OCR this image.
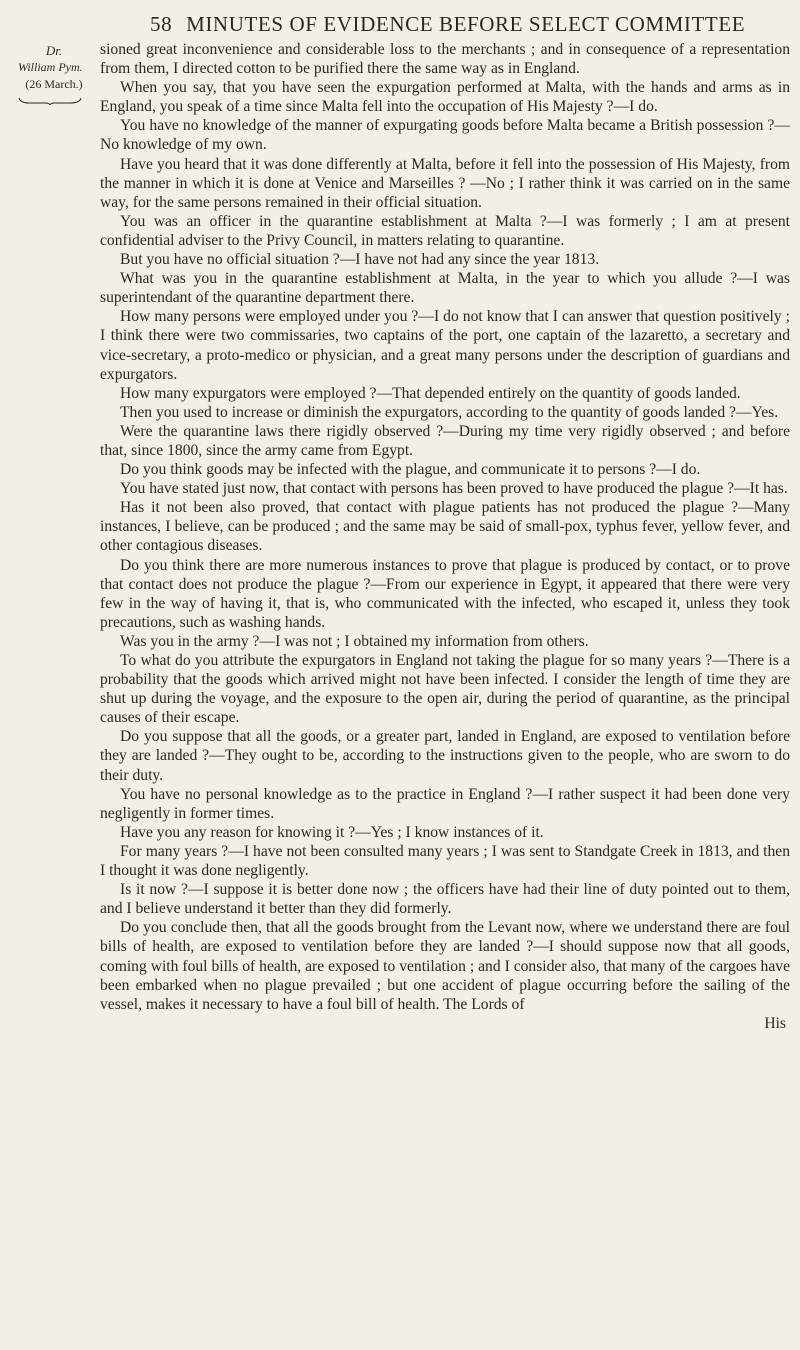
58 MINUTES OF EVIDENCE BEFORE SELECT COMMITTEE
Dr.
William Pym.
(26 March.)

sioned great inconvenience and considerable loss to the merchants ; and in consequence of a representation from them, I directed cotton to be purified there the same way as in England.

When you say, that you have seen the expurgation performed at Malta, with the hands and arms as in England, you speak of a time since Malta fell into the occupation of His Majesty ?—I do.

You have no knowledge of the manner of expurgating goods before Malta became a British possession ?—No knowledge of my own.

Have you heard that it was done differently at Malta, before it fell into the possession of His Majesty, from the manner in which it is done at Venice and Marseilles ? —No ; I rather think it was carried on in the same way, for the same persons remained in their official situation.

You was an officer in the quarantine establishment at Malta ?—I was formerly ; I am at present confidential adviser to the Privy Council, in matters relating to quarantine.

But you have no official situation ?—I have not had any since the year 1813.

What was you in the quarantine establishment at Malta, in the year to which you allude ?—I was superintendant of the quarantine department there.

How many persons were employed under you ?—I do not know that I can answer that question positively ; I think there were two commissaries, two captains of the port, one captain of the lazaretto, a secretary and vice-secretary, a proto-medico or physician, and a great many persons under the description of guardians and expurgators.

How many expurgators were employed ?—That depended entirely on the quantity of goods landed.

Then you used to increase or diminish the expurgators, according to the quantity of goods landed ?—Yes.

Were the quarantine laws there rigidly observed ?—During my time very rigidly observed ; and before that, since 1800, since the army came from Egypt.

Do you think goods may be infected with the plague, and communicate it to persons ?—I do.

You have stated just now, that contact with persons has been proved to have produced the plague ?—It has.

Has it not been also proved, that contact with plague patients has not produced the plague ?—Many instances, I believe, can be produced ; and the same may be said of small-pox, typhus fever, yellow fever, and other contagious diseases.

Do you think there are more numerous instances to prove that plague is produced by contact, or to prove that contact does not produce the plague ?—From our experience in Egypt, it appeared that there were very few in the way of having it, that is, who communicated with the infected, who escaped it, unless they took precautions, such as washing hands.

Was you in the army ?—I was not ; I obtained my information from others.

To what do you attribute the expurgators in England not taking the plague for so many years ?—There is a probability that the goods which arrived might not have been infected. I consider the length of time they are shut up during the voyage, and the exposure to the open air, during the period of quarantine, as the principal causes of their escape.

Do you suppose that all the goods, or a greater part, landed in England, are exposed to ventilation before they are landed ?—They ought to be, according to the instructions given to the people, who are sworn to do their duty.

You have no personal knowledge as to the practice in England ?—I rather suspect it had been done very negligently in former times.

Have you any reason for knowing it ?—Yes ; I know instances of it.

For many years ?—I have not been consulted many years ; I was sent to Standgate Creek in 1813, and then I thought it was done negligently.

Is it now ?—I suppose it is better done now ; the officers have had their line of duty pointed out to them, and I believe understand it better than they did formerly.

Do you conclude then, that all the goods brought from the Levant now, where we understand there are foul bills of health, are exposed to ventilation before they are landed ?—I should suppose now that all goods, coming with foul bills of health, are exposed to ventilation ; and I consider also, that many of the cargoes have been embarked when no plague prevailed ; but one accident of plague occurring before the sailing of the vessel, makes it necessary to have a foul bill of health. The Lords of

His
